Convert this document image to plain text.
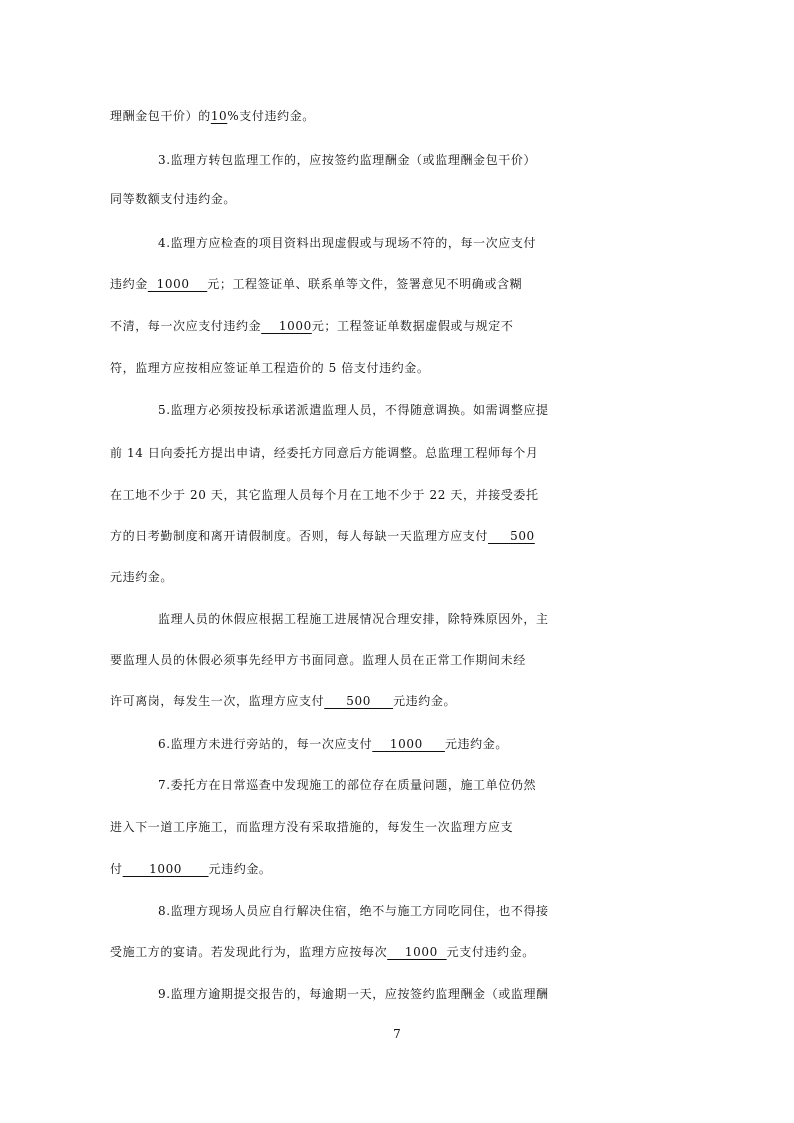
理酬金包干价）的10%支付违约金。
3.监理方转包监理工作的，应按签约监理酬金（或监理酬金包干价）
同等数额支付违约金。
4.监理方应检查的项目资料出现虚假或与现场不符的，每一次应支付
违约金  1000    元；工程签证单、联系单等文件，签署意见不明确或含糊
不清，每一次应支付违约金    1000元；工程签证单数据虚假或与规定不
符，监理方应按相应签证单工程造价的 5 倍支付违约金。
5.监理方必须按投标承诺派遣监理人员，不得随意调换。如需调整应提
前 14 日向委托方提出申请，经委托方同意后方能调整。总监理工程师每个月
在工地不少于 20 天，其它监理人员每个月在工地不少于 22 天，并接受委托
方的日考勤制度和离开请假制度。否则，每人每缺一天监理方应支付     500
元违约金。
监理人员的休假应根据工程施工进展情况合理安排，除特殊原因外，主
要监理人员的休假必须事先经甲方书面同意。监理人员在正常工作期间未经
许可离岗，每发生一次，监理方应支付     500     元违约金。
6.监理方未进行旁站的，每一次应支付    1000     元违约金。
7.委托方在日常巡查中发现施工的部位存在质量问题，施工单位仍然
进入下一道工序施工，而监理方没有采取措施的，每发生一次监理方应支
付      1000      元违约金。
8.监理方现场人员应自行解决住宿，绝不与施工方同吃同住，也不得接
受施工方的宴请。若发现此行为，监理方应按每次    1000  元支付违约金。
9.监理方逾期提交报告的，每逾期一天，应按签约监理酬金（或监理酬
7
